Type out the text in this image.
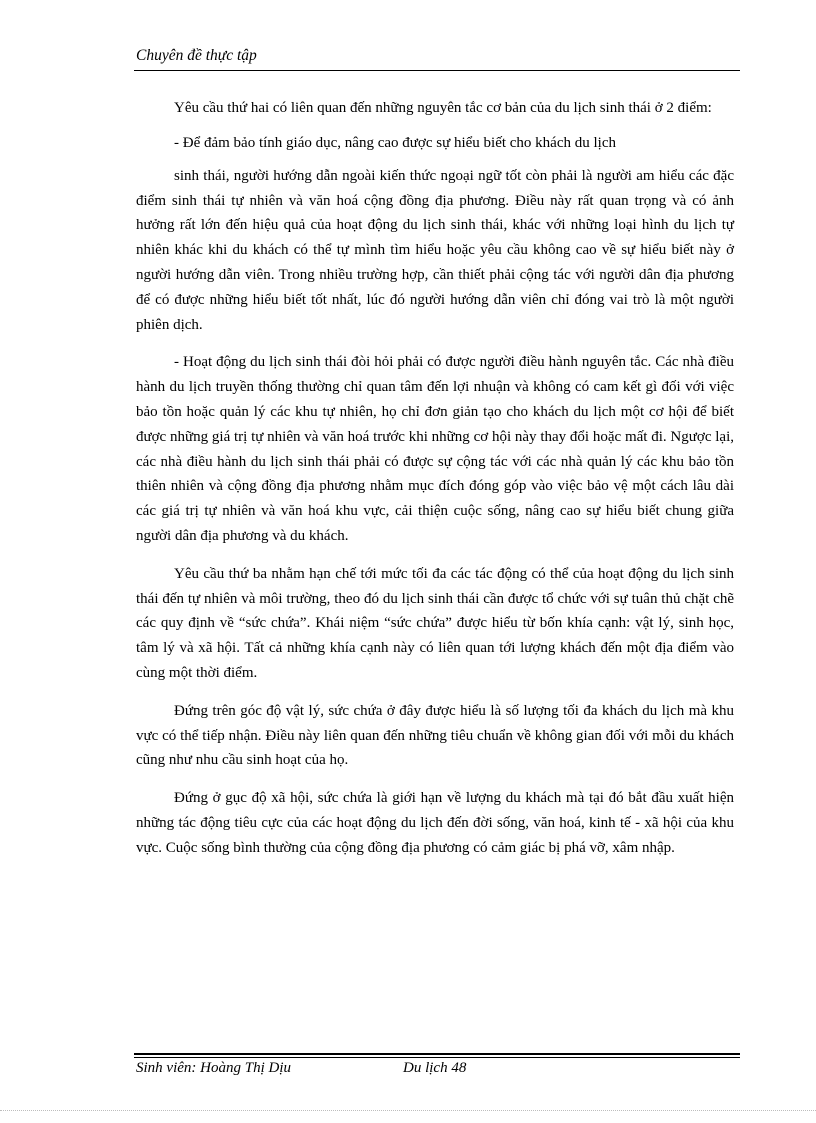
Chuyên đề thực tập

Yêu cầu thứ hai có liên quan đến những nguyên tắc cơ bản của du lịch sinh thái ở 2 điểm:

- Để đảm bảo tính giáo dục, nâng cao được sự hiểu biết cho khách du lịch

sinh thái, người hướng dẫn ngoài kiến thức ngoại ngữ tốt còn phải là người am hiểu các đặc điểm sinh thái tự nhiên và văn hoá cộng đồng địa phương. Điều này rất quan trọng và có ảnh hưởng rất lớn đến hiệu quả của hoạt động du lịch sinh thái, khác với những loại hình du lịch tự nhiên khác khi du khách có thể tự mình tìm hiểu hoặc yêu cầu không cao về sự hiểu biết này ở người hướng dẫn viên. Trong nhiều trường hợp, cần thiết phải cộng tác với người dân địa phương để có được những hiểu biết tốt nhất, lúc đó người hướng dẫn viên chỉ đóng vai trò là một người phiên dịch.

- Hoạt động du lịch sinh thái đòi hỏi phải có được người điều hành nguyên tắc. Các nhà điều hành du lịch truyền thống thường chỉ quan tâm đến lợi nhuận và không có cam kết gì đối với việc bảo tồn hoặc quản lý các khu tự nhiên, họ chỉ đơn giản tạo cho khách du lịch một cơ hội để biết được những giá trị tự nhiên và văn hoá trước khi những cơ hội này thay đổi hoặc mất đi. Ngược lại, các nhà điều hành du lịch sinh thái phải có được sự cộng tác với các nhà quản lý các khu bảo tồn thiên nhiên và cộng đồng địa phương nhằm mục đích đóng góp vào việc bảo vệ một cách lâu dài các giá trị tự nhiên và văn hoá khu vực, cải thiện cuộc sống, nâng cao sự hiểu biết chung giữa người dân địa phương và du khách.

Yêu cầu thứ ba nhằm hạn chế tới mức tối đa các tác động có thể của hoạt động du lịch sinh thái đến tự nhiên và môi trường, theo đó du lịch sinh thái cần được tổ chức với sự tuân thủ chặt chẽ các quy định về “sức chứa”. Khái niệm “sức chứa” được hiểu từ bốn khía cạnh: vật lý, sinh học, tâm lý và xã hội. Tất cả những khía cạnh này có liên quan tới lượng khách đến một địa điểm vào cùng một thời điểm.

Đứng trên góc độ vật lý, sức chứa ở đây được hiểu là số lượng tối đa khách du lịch mà khu vực có thể tiếp nhận. Điều này liên quan đến những tiêu chuẩn về không gian đối với mỗi du khách cũng như nhu cầu sinh hoạt của họ.

Đứng ở gục độ xã hội, sức chứa là giới hạn về lượng du khách mà tại đó bắt đầu xuất hiện những tác động tiêu cực của các hoạt động du lịch đến đời sống, văn hoá, kinh tế - xã hội của khu vực. Cuộc sống bình thường của cộng đồng địa phương có cảm giác bị phá vỡ, xâm nhập.

Sinh viên: Hoàng Thị Dịu	Du lịch 48
